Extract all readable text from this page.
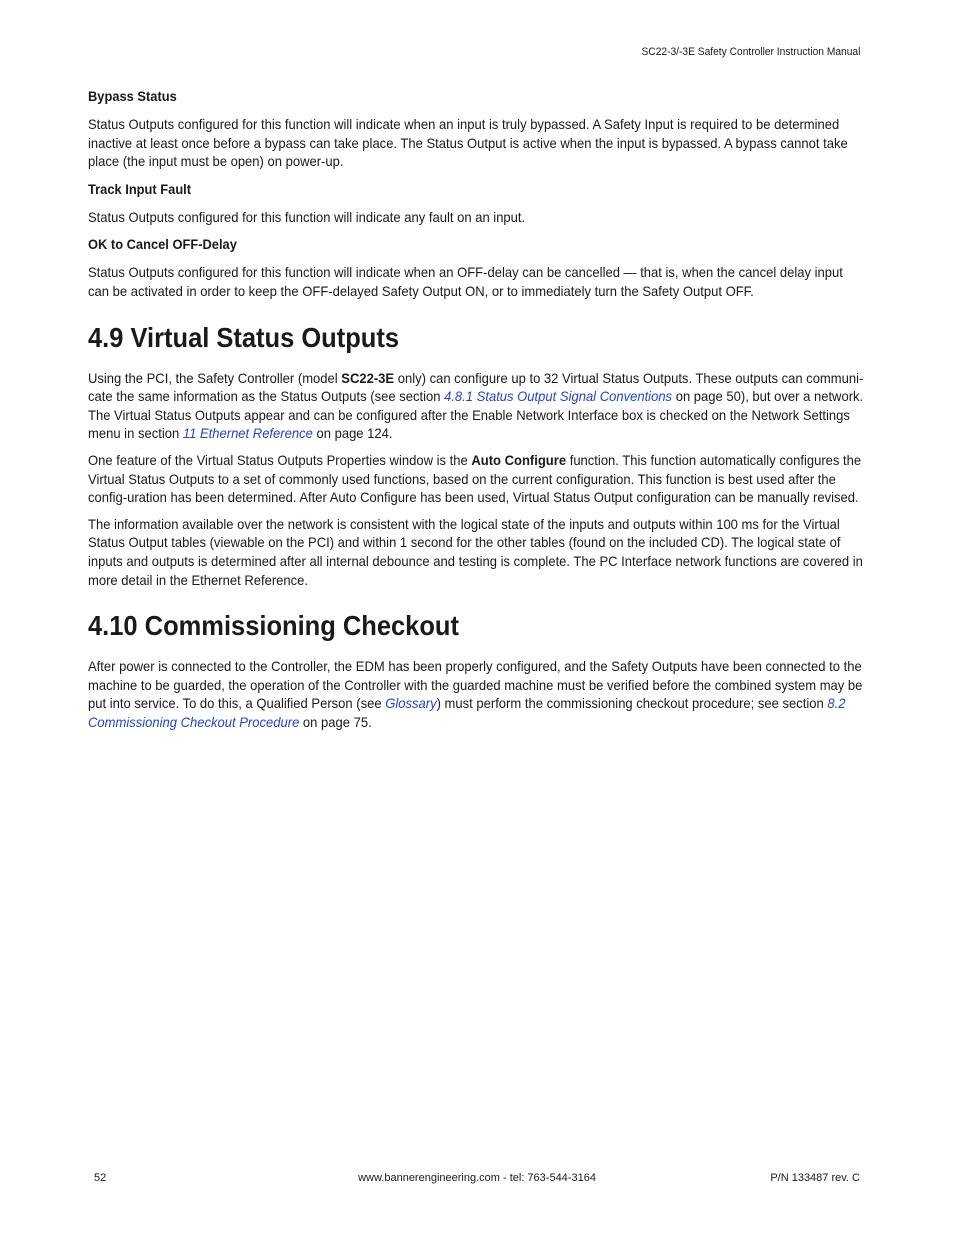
SC22-3/-3E Safety Controller Instruction Manual
Bypass Status

Status Outputs configured for this function will indicate when an input is truly bypassed. A Safety Input is required to be determined inactive at least once before a bypass can take place. The Status Output is active when the input is bypassed. A bypass cannot take place (the input must be open) on power-up.

Track Input Fault

Status Outputs configured for this function will indicate any fault on an input.

OK to Cancel OFF-Delay

Status Outputs configured for this function will indicate when an OFF-delay can be cancelled — that is, when the cancel delay input can be activated in order to keep the OFF-delayed Safety Output ON, or to immediately turn the Safety Output OFF.

4.9 Virtual Status Outputs

Using the PCI, the Safety Controller (model SC22-3E only) can configure up to 32 Virtual Status Outputs. These outputs can communi-cate the same information as the Status Outputs (see section 4.8.1 Status Output Signal Conventions on page 50), but over a network. The Virtual Status Outputs appear and can be configured after the Enable Network Interface box is checked on the Network Settings menu in section 11 Ethernet Reference on page 124.

One feature of the Virtual Status Outputs Properties window is the Auto Configure function. This function automatically configures the Virtual Status Outputs to a set of commonly used functions, based on the current configuration. This function is best used after the config-uration has been determined. After Auto Configure has been used, Virtual Status Output configuration can be manually revised.

The information available over the network is consistent with the logical state of the inputs and outputs within 100 ms for the Virtual Status Output tables (viewable on the PCI) and within 1 second for the other tables (found on the included CD). The logical state of inputs and outputs is determined after all internal debounce and testing is complete. The PC Interface network functions are covered in more detail in the Ethernet Reference.

4.10 Commissioning Checkout

After power is connected to the Controller, the EDM has been properly configured, and the Safety Outputs have been connected to the machine to be guarded, the operation of the Controller with the guarded machine must be verified before the combined system may be put into service. To do this, a Qualified Person (see Glossary) must perform the commissioning checkout procedure; see section 8.2 Commissioning Checkout Procedure on page 75.

52	www.bannerengineering.com - tel: 763-544-3164	P/N 133487 rev. C
